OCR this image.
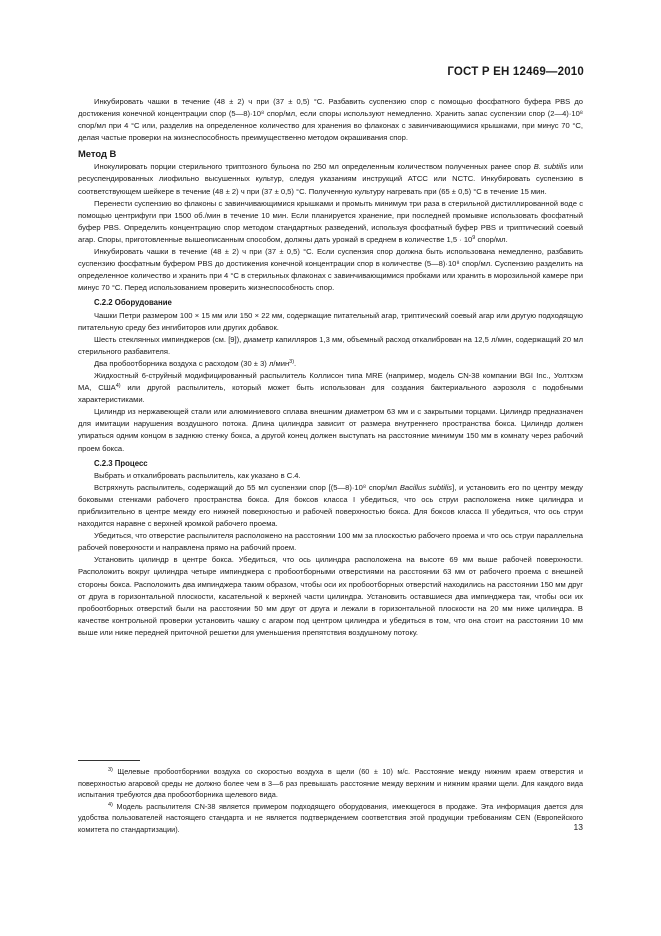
ГОСТ Р ЕН 12469—2010

Инкубировать чашки в течение (48 ± 2) ч при (37 ± 0,5) °С. Разбавить суспензию спор с помощью фосфатного буфера PBS до достижения конечной концентрации спор (5—8)·10⁸ спор/мл, если споры используют немедленно. Хранить запас суспензии спор (2—4)·10⁸ спор/мл при 4 °С или, разделив на определенное количество для хранения во флаконах с завинчивающимися крышками, при минус 70 °С, делая частые проверки на жизнеспособность преимущественно методом окрашивания спор.

Метод В

Инокулировать порции стерильного триптозного бульона по 250 мл определенным количеством полученных ранее спор B. subtilis или ресуспендированных лиофильно высушенных культур, следуя указаниям инструкций АТСС или NCTC. Инкубировать суспензию в соответствующем шейкере в течение (48 ± 2) ч при (37 ± 0,5) °С. Полученную культуру нагревать при (65 ± 0,5) °С в течение 15 мин.

Перенести суспензию во флаконы с завинчивающимися крышками и промыть минимум три раза в стерильной дистиллированной воде с помощью центрифуги при 1500 об./мин в течение 10 мин. Если планируется хранение, при последней промывке использовать фосфатный буфер PBS. Определить концентрацию спор методом стандартных разведений, используя фосфатный буфер PBS и триптический соевый агар. Споры, приготовленные вышеописанным способом, должны дать урожай в среднем в количестве $1,5 \cdot 10^9$ спор/мл.

Инкубировать чашки в течение (48 ± 2) ч при (37 ± 0,5) °С. Если суспензия спор должна быть использована немедленно, разбавить суспензию фосфатным буфером PBS до достижения конечной концентрации спор в количестве (5—8)·10⁸ спор/мл. Суспензию разделить на определенное количество и хранить при 4 °С в стерильных флаконах с завинчивающимися пробками или хранить в морозильной камере при минус 70 °С. Перед использованием проверить жизнеспособность спор.

С.2.2 Оборудование

Чашки Петри размером 100 × 15 мм или 150 × 22 мм, содержащие питательный агар, триптический соевый агар или другую подходящую питательную среду без ингибиторов или других добавок.

Шесть стеклянных импинджеров (см. [9]), диаметр капилляров 1,3 мм, объемный расход откалиброван на 12,5 л/мин, содержащий 20 мл стерильного разбавителя.

Два пробоотборника воздуха с расходом (30 ± 3) л/мин$^{3)}$.

Жидкостный 6-струйный модифицированный распылитель Коллисон типа MRE (например, модель CN-38 компании BGI Inc., Уолтхэм МА, США$^{4)}$ или другой распылитель, который может быть использован для создания бактериального аэрозоля с подобными характеристиками.

Цилиндр из нержавеющей стали или алюминиевого сплава внешним диаметром 63 мм и с закрытыми торцами. Цилиндр предназначен для имитации нарушения воздушного потока. Длина цилиндра зависит от размера внутреннего пространства бокса. Цилиндр должен упираться одним концом в заднюю стенку бокса, а другой конец должен выступать на расстояние минимум 150 мм в комнату через рабочий проем бокса.

С.2.3 Процесс

Выбрать и откалибровать распылитель, как указано в С.4.

Встряхнуть распылитель, содержащий до 55 мл суспензии спор [(5—8)·10⁸ спор/мл Bacillus subtilis], и установить его по центру между боковыми стенками рабочего пространства бокса. Для боксов класса I убедиться, что ось струи расположена ниже цилиндра и приблизительно в центре между его нижней поверхностью и рабочей поверхностью бокса. Для боксов класса II убедиться, что ось струи находится наравне с верхней кромкой рабочего проема.

Убедиться, что отверстие распылителя расположено на расстоянии 100 мм за плоскостью рабочего проема и что ось струи параллельна рабочей поверхности и направлена прямо на рабочий проем.

Установить цилиндр в центре бокса. Убедиться, что ось цилиндра расположена на высоте 69 мм выше рабочей поверхности. Расположить вокруг цилиндра четыре импинджера с пробоотборными отверстиями на расстоянии 63 мм от рабочего проема с внешней стороны бокса. Расположить два импинджера таким образом, чтобы оси их пробоотборных отверстий находились на расстоянии 150 мм друг от друга в горизонтальной плоскости, касательной к верхней части цилиндра. Установить оставшиеся два импинджера так, чтобы оси их пробоотборных отверстий были на расстоянии 50 мм друг от друга и лежали в горизонтальной плоскости на 20 мм ниже цилиндра. В качестве контрольной проверки установить чашку с агаром под центром цилиндра и убедиться в том, что она стоит на расстоянии 10 мм выше или ниже передней приточной решетки для уменьшения препятствия воздушному потоку.

$^{3)}$ Щелевые пробоотборники воздуха со скоростью воздуха в щели (60 ± 10) м/с. Расстояние между нижним краем отверстия и поверхностью агаровой среды не должно более чем в 3—6 раз превышать расстояние между верхним и нижним краями щели. Для каждого вида испытания требуются два пробоотборника щелевого вида.

$^{4)}$ Модель распылителя CN-38 является примером подходящего оборудования, имеющегося в продаже. Эта информация дается для удобства пользователей настоящего стандарта и не является подтверждением соответствия этой продукции требованиям CEN (Европейского комитета по стандартизации).	13
